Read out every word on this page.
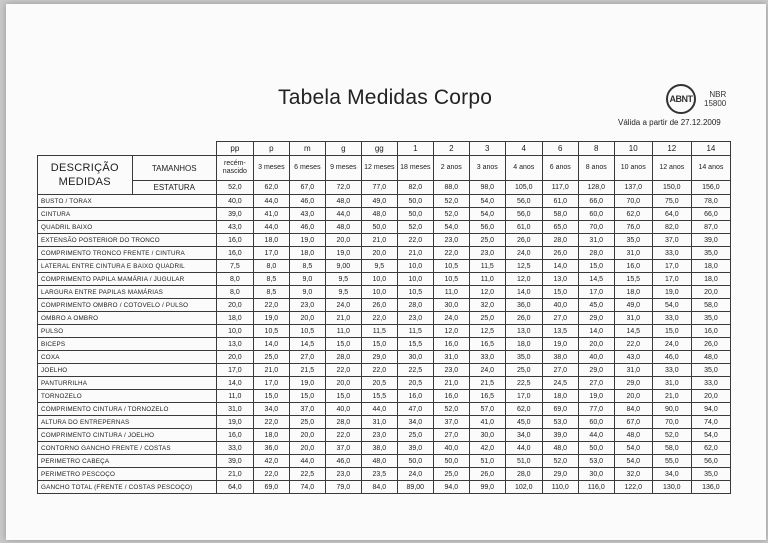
Tabela Medidas Corpo	ABNT	NBR
15800
Válida a partir de 27.12.2009
		pp	p	m	g	gg	1	2	3	4	6	8	10	12	14

DESCRIÇÃO
MEDIDAS	TAMANHOS	recém-nascido	3 meses	6 meses	9 meses	12 meses	18 meses	2 anos	3 anos	4 anos	6 anos	8 anos	10 anos	12 anos	14 anos
	ESTATURA	52,0	62,0	67,0	72,0	77,0	82,0	88,0	98,0	105,0	117,0	128,0	137,0	150,0	156,0
BUSTO / TORAX		40,0	44,0	46,0	48,0	49,0	50,0	52,0	54,0	56,0	61,0	66,0	70,0	75,0	78,0
CINTURA		39,0	41,0	43,0	44,0	48,0	50,0	52,0	54,0	56,0	58,0	60,0	62,0	64,0	66,0
QUADRIL BAIXO		43,0	44,0	46,0	48,0	50,0	52,0	54,0	56,0	61,0	65,0	70,0	76,0	82,0	87,0
EXTENSÃO POSTERIOR DO TRONCO		16,0	18,0	19,0	20,0	21,0	22,0	23,0	25,0	26,0	28,0	31,0	35,0	37,0	39,0
COMPRIMENTO TRONCO FRENTE / CINTURA		16,0	17,0	18,0	19,0	20,0	21,0	22,0	23,0	24,0	26,0	28,0	31,0	33,0	35,0
LATERAL ENTRE CINTURA E BAIXO QUADRIL		7,5	8,0	8,5	9,00	9,5	10,0	10,5	11,5	12,5	14,0	15,0	16,0	17,0	18,0
COMPRIMENTO PAPILA MAMÁRIA / JUGULAR		8,0	8,5	9,0	9,5	10,0	10,0	10,5	11,0	12,0	13,0	14,5	15,5	17,0	18,0
LARGURA ENTRE PAPILAS MAMÁRIAS		8,0	8,5	9,0	9,5	10,0	10,5	11,0	12,0	14,0	15,0	17,0	18,0	19,0	20,0
COMPRIMENTO OMBRO / COTOVELO / PULSO		20,0	22,0	23,0	24,0	26,0	28,0	30,0	32,0	36,0	40,0	45,0	49,0	54,0	58,0
OMBRO A OMBRO		18,0	19,0	20,0	21,0	22,0	23,0	24,0	25,0	26,0	27,0	29,0	31,0	33,0	35,0
PULSO		10,0	10,5	10,5	11,0	11,5	11,5	12,0	12,5	13,0	13,5	14,0	14,5	15,0	16,0
BICEPS		13,0	14,0	14,5	15,0	15,0	15,5	16,0	16,5	18,0	19,0	20,0	22,0	24,0	26,0
COXA		20,0	25,0	27,0	28,0	29,0	30,0	31,0	33,0	35,0	38,0	40,0	43,0	46,0	48,0
JOELHO		17,0	21,0	21,5	22,0	22,0	22,5	23,0	24,0	25,0	27,0	29,0	31,0	33,0	35,0
PANTURRILHA		14,0	17,0	19,0	20,0	20,5	20,5	21,0	21,5	22,5	24,5	27,0	29,0	31,0	33,0
TORNOZELO		11,0	15,0	15,0	15,0	15,5	16,0	16,0	16,5	17,0	18,0	19,0	20,0	21,0	20,0
COMPRIMENTO CINTURA / TORNOZELO		31,0	34,0	37,0	40,0	44,0	47,0	52,0	57,0	62,0	69,0	77,0	84,0	90,0	94,0
ALTURA DO ENTREPERNAS		19,0	22,0	25,0	28,0	31,0	34,0	37,0	41,0	45,0	53,0	60,0	67,0	70,0	74,0
COMPRIMENTO CINTURA / JOELHO		16,0	18,0	20,0	22,0	23,0	25,0	27,0	30,0	34,0	39,0	44,0	48,0	52,0	54,0
CONTORNO GANCHO FRENTE / COSTAS		33,0	36,0	20,0	37,0	38,0	39,0	40,0	42,0	44,0	48,0	50,0	54,0	58,0	62,0
PERIMETRO CABEÇA		39,0	42,0	44,0	46,0	48,0	50,0	50,0	51,0	51,0	52,0	53,0	54,0	55,0	56,0
PERIMETRO PESCOÇO		21,0	22,0	22,5	23,0	23,5	24,0	25,0	26,0	28,0	29,0	30,0	32,0	34,0	35,0
GANCHO TOTAL (FRENTE / COSTAS PESCOÇO)		64,0	69,0	74,0	79,0	84,0	89,00	94,0	99,0	102,0	110,0	116,0	122,0	130,0	136,0
